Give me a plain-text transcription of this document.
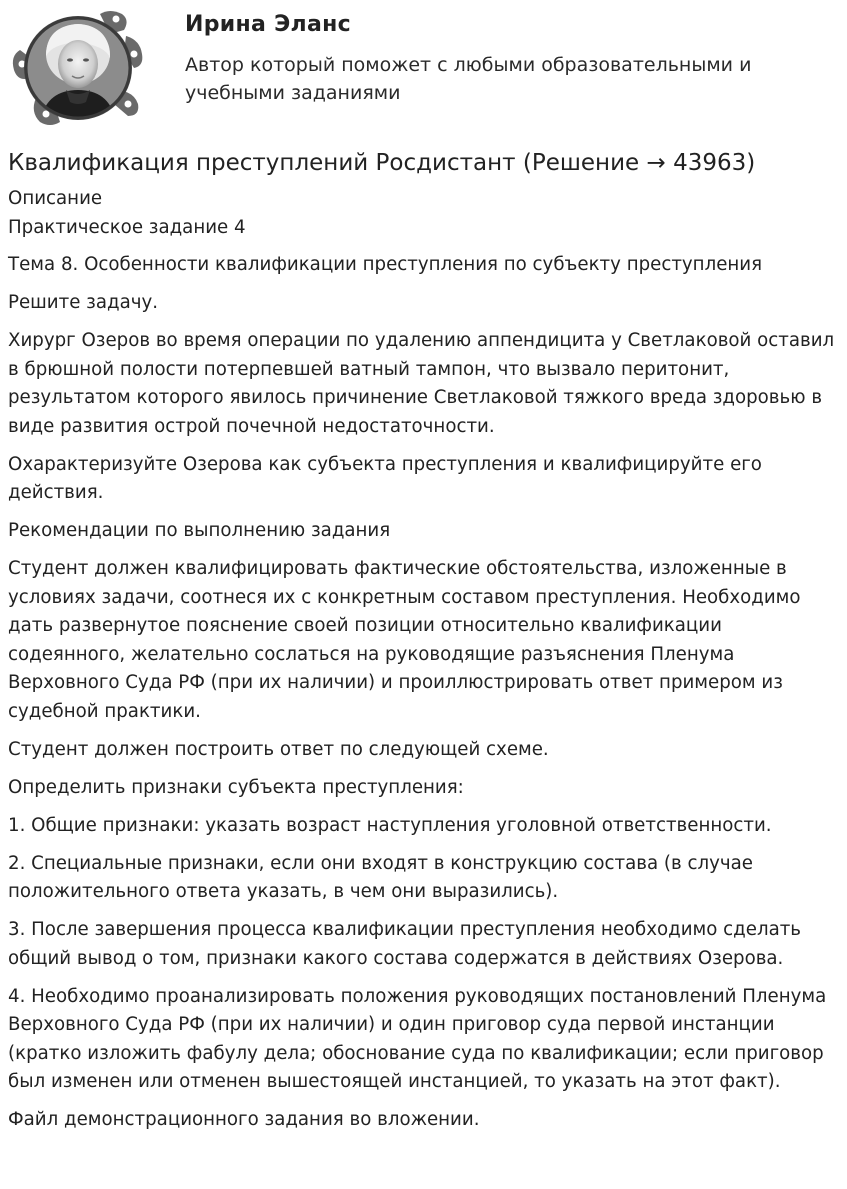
Ирина Эланс
Автор который поможет с любыми образовательными и учебными заданиями
Квалификация преступлений Росдистант (Решение → 43963)

Описание

Практическое задание 4

Тема 8. Особенности квалификации преступления по субъекту преступления

Решите задачу.

Хирург Озеров во время операции по удалению аппендицита у Светлаковой оставил в брюшной полости потерпевшей ватный тампон, что вызвало перитонит, результатом которого явилось причинение Светлаковой тяжкого вреда здоровью в виде развития острой почечной недостаточности.

Охарактеризуйте Озерова как субъекта преступления и квалифицируйте его действия.

Рекомендации по выполнению задания

Студент должен квалифицировать фактические обстоятельства, изложенные в условиях задачи, соотнеся их с конкретным составом преступления. Необходимо дать развернутое пояснение своей позиции относительно квалификации содеянного, желательно сослаться на руководящие разъяснения Пленума Верховного Суда РФ (при их наличии) и проиллюстрировать ответ примером из судебной практики.

Студент должен построить ответ по следующей схеме.

Определить признаки субъекта преступления:

1. Общие признаки: указать возраст наступления уголовной ответственности.

2. Специальные признаки, если они входят в конструкцию состава (в случае положительного ответа указать, в чем они выразились).

3. После завершения процесса квалификации преступления необходимо сделать общий вывод о том, признаки какого состава содержатся в действиях Озерова.

4. Необходимо проанализировать положения руководящих постановлений Пленума Верховного Суда РФ (при их наличии) и один приговор суда первой инстанции (кратко изложить фабулу дела; обоснование суда по квалификации; если приговор был изменен или отменен вышестоящей инстанцией, то указать на этот факт).

Файл демонстрационного задания во вложении.
